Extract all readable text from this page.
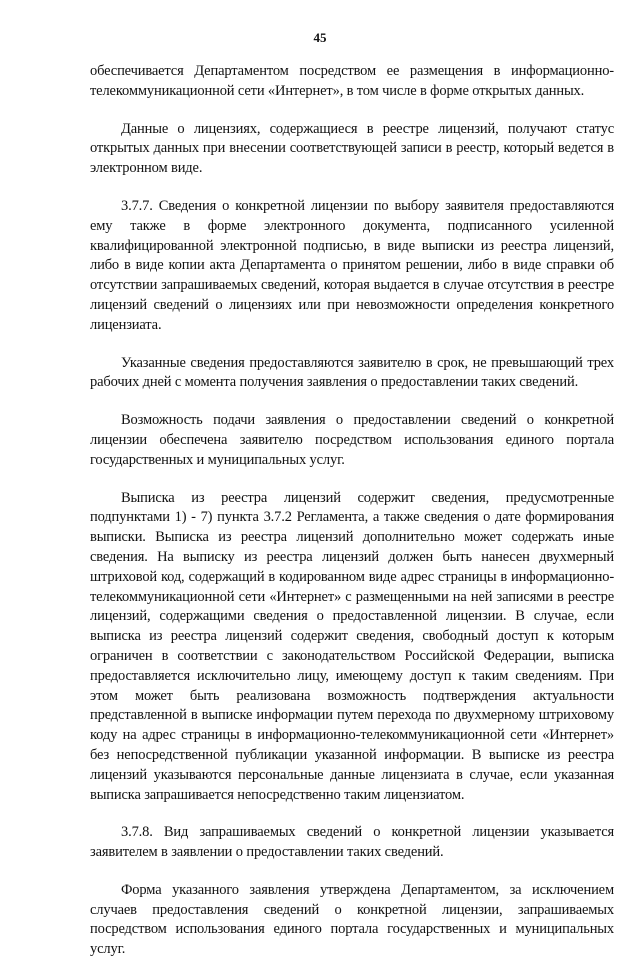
45

обеспечивается Департаментом посредством ее размещения в информационно-телекоммуникационной сети «Интернет», в том числе в форме открытых данных.

Данные о лицензиях, содержащиеся в реестре лицензий, получают статус открытых данных при внесении соответствующей записи в реестр, который ведется в электронном виде.

3.7.7. Сведения о конкретной лицензии по выбору заявителя предоставляются ему также в форме электронного документа, подписанного усиленной квалифицированной электронной подписью, в виде выписки из реестра лицензий, либо в виде копии акта Департамента о принятом решении, либо в виде справки об отсутствии запрашиваемых сведений, которая выдается в случае отсутствия в реестре лицензий сведений о лицензиях или при невозможности определения конкретного лицензиата.

Указанные сведения предоставляются заявителю в срок, не превышающий трех рабочих дней с момента получения заявления о предоставлении таких сведений.

Возможность подачи заявления о предоставлении сведений о конкретной лицензии обеспечена заявителю посредством использования единого портала государственных и муниципальных услуг.

Выписка из реестра лицензий содержит сведения, предусмотренные подпунктами 1) - 7) пункта 3.7.2 Регламента, а также сведения о дате формирования выписки. Выписка из реестра лицензий дополнительно может содержать иные сведения. На выписку из реестра лицензий должен быть нанесен двухмерный штриховой код, содержащий в кодированном виде адрес страницы в информационно-телекоммуникационной сети «Интернет» с размещенными на ней записями в реестре лицензий, содержащими сведения о предоставленной лицензии. В случае, если выписка из реестра лицензий содержит сведения, свободный доступ к которым ограничен в соответствии с законодательством Российской Федерации, выписка предоставляется исключительно лицу, имеющему доступ к таким сведениям. При этом может быть реализована возможность подтверждения актуальности представленной в выписке информации путем перехода по двухмерному штриховому коду на адрес страницы в информационно-телекоммуникационной сети «Интернет» без непосредственной публикации указанной информации. В выписке из реестра лицензий указываются персональные данные лицензиата в случае, если указанная выписка запрашивается непосредственно таким лицензиатом.

3.7.8. Вид запрашиваемых сведений о конкретной лицензии указывается заявителем в заявлении о предоставлении таких сведений.

Форма указанного заявления утверждена Департаментом, за исключением случаев предоставления сведений о конкретной лицензии, запрашиваемых посредством использования единого портала государственных и муниципальных услуг.
